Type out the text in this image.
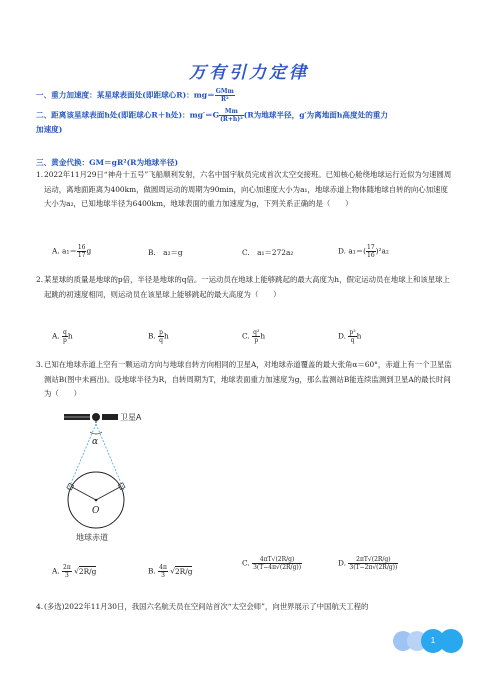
万有引力定律
一、重力加速度：某星球表面处(即距球心R)：$mg= \frac{\text{GMm}}{\text{R²}}$
二、距离该星球表面h处(即距球心R＋h处)：$mg'=G \frac{Mm}{\text{(R+h)²}} (R$为地球半径，g′为离地面h高度处的重力
加速度)
三、黄金代换：GM＝gR²(R为地球半径)
1. 2022年11月29日“神舟十五号”飞船顺利发射，六名中国宇航员完成首次太空交接班。已知核心舱绕地球运行近似为匀速圆周运动，离地面距离为400km，做圆周运动的周期为90min，向心加速度大小为a₁，地球赤道上物体随地球自转的向心加速度大小为a₂，已知地球半径为6400km，地球表面的重力加速度为g，下列关系正确的是（　　）
A. $a_1= \frac{16}{17}$ g	B.　a₂＝g	C.　a₁＝272a₂	D. $a_1=( \frac{17}{16} )^2a_2$
2. 某星球的质量是地球的p倍，半径是地球的q倍。一运动员在地球上能够跳起的最大高度为h，假定运动员在地球上和该星球上起跳的初速度相同，则运动员在该星球上能够跳起的最大高度为（　　）
A. $\frac{q}{p}$ h	B. $\frac{p}{q}$ h	C. $\frac{\text{q²}}{p}$ h	D. $\frac{\text{p²}}{q}$ h
3. 已知在地球赤道上空有一颗运动方向与地球自转方向相同的卫星A，对地球赤道覆盖的最大张角α＝60°，赤道上有一个卫星监测站B(图中未画出)。设地球半径为R，自转周期为T，地球表面重力加速度为g，那么监测站B能连续监测到卫星A的最长时间为（　　）
卫星A
α
O
地球赤道
A. $\frac{2\pi}{3} √2R/g$	B. $\frac{4\pi}{3} √2R/g$
C. $\frac{4\pi T√(2R/g)}{3(T-4\pi√(2R/g))}$	D. $\frac{2\pi T√(2R/g)}{3(T-2\pi√(2R/g))}$
4. (多选)2022年11月30日，我国六名航天员在空间站首次“太空会师”，向世界展示了中国航天工程的
1
